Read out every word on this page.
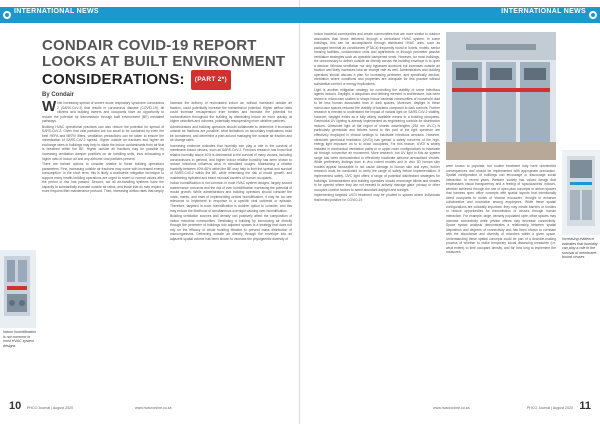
INTERNATIONAL NEWS
CONDAIR COVID-19 REPORT
LOOKS AT BUILT ENVIRONMENT
CONSIDERATIONS: (PART 2*)
By Condair

While increasing spread of severe acute respiratory syndrome coronavirus 2 (SARS-CoV-2) that results in coronavirus disease (COVID-19), all citizens and building owners and occupants have an opportunity to reduce the potential for transmission through built environment (BE) mediated pathways.

Building HVAC operational practices can also reduce the potential for spread of SARS-CoV-2. Given that viral particles are too small to be contained by even the best HEPA and MERV filters, ventilation precautions can be taken to ensure the minimisation of SARS-CoV-2 spread. Higher outside air fractions and higher air exchange rates in buildings may help to dilute the indoor contaminants from air that is breathed within the BE. Higher outside air fractions may be possible by increasing ventilation damper positions on air handling units, thus exhausting a higher ratio of indoor air and any airborne viral particles present.

There are trained options to consider relative to these building operations parameters. First, increasing outside air fractions may come with increased energy consumption. In the short term, this is likely a worthwhile mitigation technique to support many health-building operations are urged to revert to normal values after the period of risk has passed. Second, not all air-handling systems have the capacity to substantially increase outside air ratios, and those that do may require a more frequent filter maintenance protocol. Third, increasing airflow rates that simply

increase the delivery of recirculated indoor air, without increased outside air fraction, could potentially increase the transmission potential. Higher airflow rates could increase resuspension from fomites and increase the potential for contamination throughout the building by distributing indoor air more quickly, at higher velocities and volumes, potentially resuspending more ultrafine particles.

Administrators and building operators should collaborate to determine if increased outside air fractions are possible, what limitations on secondary implications must be considered, and determine a plan around managing the outside air fraction and air change rates.

Increasing evidence indicates that humidity can play a role in the survival of membrane-bound viruses, such as SARS-CoV-2. Previous research has found that relative humidity above 40% is detrimental to the survival of many viruses, including coronaviruses in general, and higher indoor relative humidity has been shown to reduce infectious influenza virus in simulated coughs. Maintaining a relative humidity between 40%-60% within the BE may help to limit the spread and survival of SARS-CoV-2 within the BE, while minimising the risk of mould growth, and maintaining hydrated and intact mucosal barriers of human occupants.

Indoor humidification is not common in most HVAC system designs, largely around maintenance concerns and the risk of over humidification increasing the potential of mould growth. While administrators and building operators should consider the costs, merits, and risks of implementing central humidification, it may be too late relevance to implement in response to a specific viral outbreak or episode. Therefore, targeted in-room humidification is another option to consider, and this may reduce the likelihood of simultaneous overnight causing over-humidification.

Building ventilation sources and density can positively affect the composition of indoor microbial communities. Ventilating a building by introducing air directly through the perimeter of buildings into adjacent spaces is a strategy that does not rely on the efficacy of whole building filtration to prevent mass distribution of microorganisms. Delivering outside air directly through the envelope into an adjacent spatial volume has been shown to increase the phylogenetic diversity of

Indoor humidification is not common in most HVAC system designs
10 PHCO Journal | August 2020	www.hvacronline.co.za
INTERNATIONAL NEWS

indoor bacterial communities and create communities that are more similar to outdoor associates than those delivered through a centralised HVAC system. In some buildings, this can be accomplished through distributed HVAC units, such as packaged terminal air conditioners (PTACs) frequently found in hotels, motels, senior housing facilities, condominium units and apartments or through perimeter passive ventilation strategies such as operable dampened vents. However, for most buildings, the unnecessary to deliver outside air directly across the building envelope is to open a window. Window ventilation not only bypasses ductwork but increases outside air fraction and likely increases total air change rate as well. Administrators and building operators should discuss a plan for increasing perimeter, and specifically window, ventilation where conditions and properties are adequate for this practice without substantial comfort or energy implications.

Light is another mitigation strategy for controlling the viability of some infectious agents indoors. Daylight, a ubiquitous and defining element in architecture, has been shown in microcosm studies to shape indoor bacterial communities of household dust to be less human associated than in dark spaces. Moreover, daylight in these microcosm spaces reduced the viability of bacteria compared to dark controls. Further research is needed to understand the impact of natural light on SARS-CoV-2 viability, however, daylight exists as a fully widely available means to a building occupants. Germicidal UV lighting is already implemented as engineering controls for disinfection indoors. Ultraviolet light at the region of shorter wavelengths (254 nm UV-C) is particularly germicidal and fixtures tuned to this part of the light spectrum are effectively employed in clinical settings to inactivate infectious aerosols. However, ultraviolet germicidal irradiation (UVGI) has gained a safety concerns of the high-energy light exposure on to to occur occupants. For this reason, UVGI is widely installed in mechanical ventilation paths or in upper-room configurations to inactivate air through convective air movement. More research, but UV light in this air system range has been demonstrated to effectively inactivate airborne aerosolised viruses. While preliminary findings from in vivo rodent models and in vitro 3D human skin models appear favourable to not cause damage to human skin and eyes, further research must be conducted to verify the range of safety before implementation. If implemented safely, UVC light offers a range of potential disinfectant strategies for buildings. Administrators and building operators should encourage blinds and shades to be opened where they are not needed to actively manage glare, privacy or other occupant comfort factors to admit abundant daylight and sunlight.

Implementing targeted UVGI treatment may be prudent in spaces where individuals that tested positive for COVID-19

were known to populate, but routine treatment may have unintended consequences and should be implemented with appropriate precaution. Spatial configuration of buildings can encourage or discourage social interaction. In recent years, Western society has valued design that emphasises visual transparency and a feeling of 'spaciousness' indoors, whether achieved through the use of open-plan concepts or atrium spaces that harness open office concepts with spatial layouts that intentionally direct occupants to nodes of 'chance encounter,' thought to enhance collaborative and innovation among employees. While these spatial configurations are culturally important, they may create barriers or hurdles or reduce opportunities for transmission of viruses through human interaction. For example, large, densely populated open office spaces may increase connectivity while private offices may decrease connectivity. Space syntax analysis demonstrates a relationship between spatial disposition and degrees of connectivity and has been shown to correlate with the abundance and diversity of microbes within a given space. Understanding these spatial concepts could be part of a decision-making process of whether to make temporary social distancing measures (i.e. what extent) to limit occupant density, and for how long to implement the measures.

Increasing evidence indicates that humidity can play a role in the survival of membrane-bound viruses
www.hvacronline.co.za	PHCO Journal | August 2020 11
